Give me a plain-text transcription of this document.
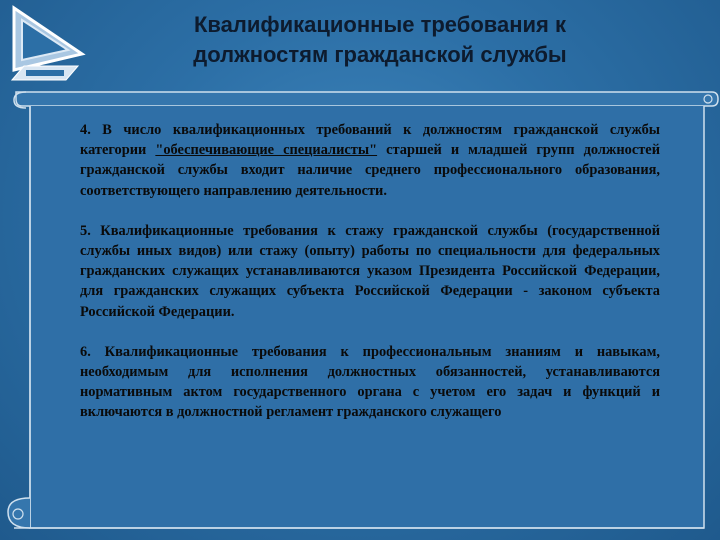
Квалификационные требования к
должностям гражданской службы

4. В число квалификационных требований к должностям гражданской службы категории "обеспечивающие специалисты" старшей и младшей групп должностей гражданской службы входит наличие среднего профессионального образования, соответствующего направлению деятельности.

5. Квалификационные требования к стажу гражданской службы (государственной службы иных видов) или стажу (опыту) работы по специальности для федеральных гражданских служащих устанавливаются указом Президента Российской Федерации, для гражданских служащих субъекта Российской Федерации - законом субъекта Российской Федерации.

6. Квалификационные требования к профессиональным знаниям и навыкам, необходимым для исполнения должностных обязанностей, устанавливаются нормативным актом государственного органа с учетом его задач и функций и включаются в должностной регламент гражданского служащего
